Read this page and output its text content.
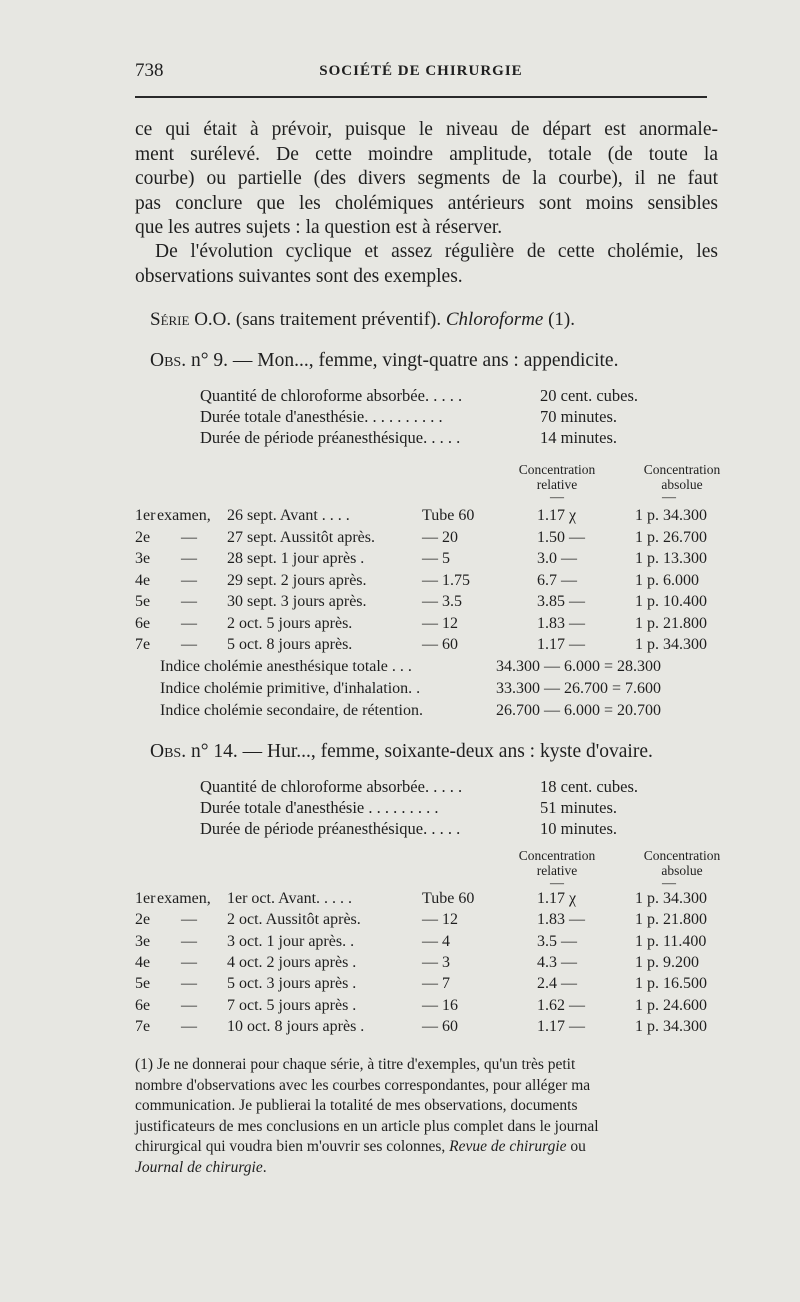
738	SOCIÉTÉ DE CHIRURGIE
ce qui était à prévoir, puisque le niveau de départ est anormale-
ment surélevé. De cette moindre amplitude, totale (de toute la
courbe) ou partielle (des divers segments de la courbe), il ne faut
pas conclure que les cholémiques antérieurs sont moins sensibles
que les autres sujets : la question est à réserver.
De l'évolution cyclique et assez régulière de cette cholémie, les
observations suivantes sont des exemples.
Série O.O. (sans traitement préventif). Chloroforme (1).
Obs. n° 9. — Mon..., femme, vingt-quatre ans : appendicite.
Quantité de chloroforme absorbée. . . . .	20 cent. cubes.
Durée totale d'anesthésie. . . . . . . . . .	70 minutes.
Durée de période préanesthésique. . . . .	14 minutes.
Concentration
relative
Concentration
absolue
—	—
1er examen, 26 sept. Avant . . . .	Tube 60	1.17 χ	1 p. 34.300
2e — 27 sept. Aussitôt après.	— 20	1.50 —	1 p. 26.700
3e — 28 sept. 1 jour après .	— 5	3.0 —	1 p. 13.300
4e — 29 sept. 2 jours après.	— 1.75	6.7 —	1 p. 6.000
5e — 30 sept. 3 jours après.	— 3.5	3.85 —	1 p. 10.400
6e — 2 oct. 5 jours après.	— 12	1.83 —	1 p. 21.800
7e — 5 oct. 8 jours après.	— 60	1.17 —	1 p. 34.300
Indice cholémie anesthésique totale . . .	34.300 — 6.000 = 28.300
Indice cholémie primitive, d'inhalation. .	33.300 — 26.700 = 7.600
Indice cholémie secondaire, de rétention.	26.700 — 6.000 = 20.700
Obs. n° 14. — Hur..., femme, soixante-deux ans : kyste d'ovaire.
Quantité de chloroforme absorbée. . . . .	18 cent. cubes.
Durée totale d'anesthésie . . . . . . . . .	51 minutes.
Durée de période préanesthésique. . . . .	10 minutes.
Concentration
relative
Concentration
absolue
—	—
1er examen, 1er oct. Avant. . . . .	Tube 60	1.17 χ	1 p. 34.300
2e — 2 oct. Aussitôt après.	— 12	1.83 —	1 p. 21.800
3e — 3 oct. 1 jour après. .	— 4	3.5 —	1 p. 11.400
4e — 4 oct. 2 jours après .	— 3	4.3 —	1 p. 9.200
5e — 5 oct. 3 jours après .	— 7	2.4 —	1 p. 16.500
6e — 7 oct. 5 jours après .	— 16	1.62 —	1 p. 24.600
7e — 10 oct. 8 jours après .	— 60	1.17 —	1 p. 34.300
(1) Je ne donnerai pour chaque série, à titre d'exemples, qu'un très petit
nombre d'observations avec les courbes correspondantes, pour alléger ma
communication. Je publierai la totalité de mes observations, documents
justificateurs de mes conclusions en un article plus complet dans le journal
chirurgical qui voudra bien m'ouvrir ses colonnes, Revue de chirurgie ou
Journal de chirurgie.
